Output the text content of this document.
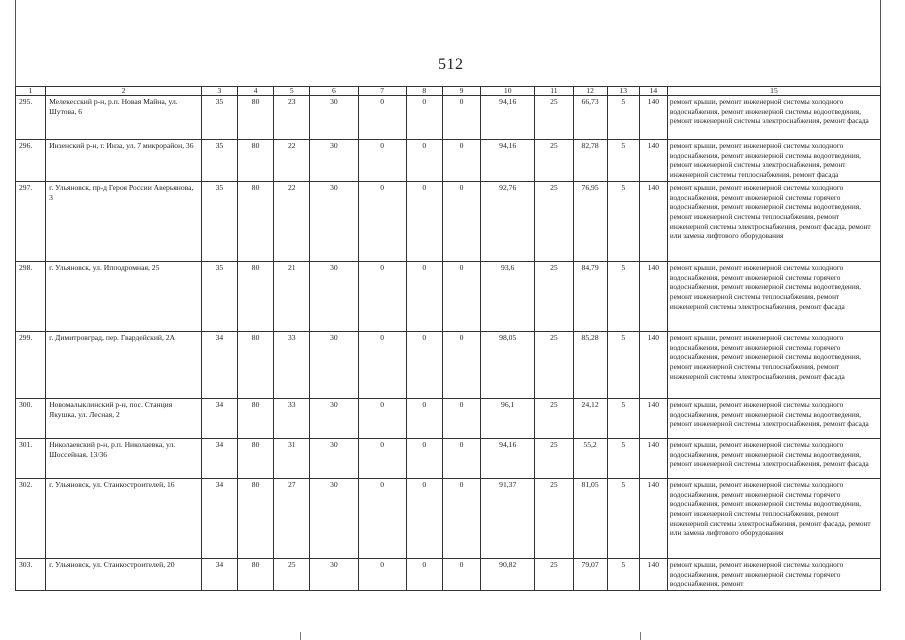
512
1	2	3	4	5	6	7	8	9	10	11	12	13	14	15
295.	Мелекесский р-н, р.п. Новая Майна, ул. Шутова, 6	35	80	23	30	0	0	0	94,16	25	66,73	5	140	ремонт крыши, ремонт инженерной системы холодного водоснабжения, ремонт инженерной системы водоотведения, ремонт инженерной системы электроснабжения, ремонт фасада
296.	Инзенский р-н, г. Инза, ул. 7 микрорайон, 36	35	80	22	30	0	0	0	94,16	25	82,78	5	140	ремонт крыши, ремонт инженерной системы холодного водоснабжения, ремонт инженерной системы водоотведения, ремонт инженерной системы электроснабжения, ремонт инженерной системы теплоснабжения, ремонт фасада
297.	г. Ульяновск, пр-д Героя России Аверьянова, 3	35	80	22	30	0	0	0	92,76	25	76,95	5	140	ремонт крыши, ремонт инженерной системы холодного водоснабжения, ремонт инженерной системы горячего водоснабжения, ремонт инженерной системы водоотведения, ремонт инженерной системы теплоснабжения, ремонт инженерной системы электроснабжения, ремонт фасада, ремонт или замена лифтового оборудования
298.	г. Ульяновск, ул. Ипподромная, 25	35	80	21	30	0	0	0	93,6	25	84,79	5	140	ремонт крыши, ремонт инженерной системы холодного водоснабжения, ремонт инженерной системы горячего водоснабжения, ремонт инженерной системы водоотведения, ремонт инженерной системы теплоснабжения, ремонт инженерной системы электроснабжения, ремонт фасада
299.	г. Димитровград, пер. Гвардейский, 2А	34	80	33	30	0	0	0	98,05	25	85,28	5	140	ремонт крыши, ремонт инженерной системы холодного водоснабжения, ремонт инженерной системы горячего водоснабжения, ремонт инженерной системы водоотведения, ремонт инженерной системы теплоснабжения, ремонт инженерной системы электроснабжения, ремонт фасада
300.	Новомалыклинский р-н, пос. Станция Якушка, ул. Лесная, 2	34	80	33	30	0	0	0	96,1	25	24,12	5	140	ремонт крыши, ремонт инженерной системы холодного водоснабжения, ремонт инженерной системы водоотведения, ремонт инженерной системы электроснабжения, ремонт фасада
301.	Николаевский р-н, р.п. Николаевка, ул. Шоссейная, 13/36	34	80	31	30	0	0	0	94,16	25	55,2	5	140	ремонт крыши, ремонт инженерной системы холодного водоснабжения, ремонт инженерной системы водоотведения, ремонт инженерной системы электроснабжения, ремонт фасада
302.	г. Ульяновск, ул. Станкостроителей, 16	34	80	27	30	0	0	0	91,37	25	81,05	5	140	ремонт крыши, ремонт инженерной системы холодного водоснабжения, ремонт инженерной системы горячего водоснабжения, ремонт инженерной системы водоотведения, ремонт инженерной системы теплоснабжения, ремонт инженерной системы электроснабжения, ремонт фасада, ремонт или замена лифтового оборудования
303.	г. Ульяновск, ул. Станкостроителей, 20	34	80	25	30	0	0	0	90,82	25	79,07	5	140	ремонт крыши, ремонт инженерной системы холодного водоснабжения, ремонт инженерной системы горячего водоснабжения, ремонт
